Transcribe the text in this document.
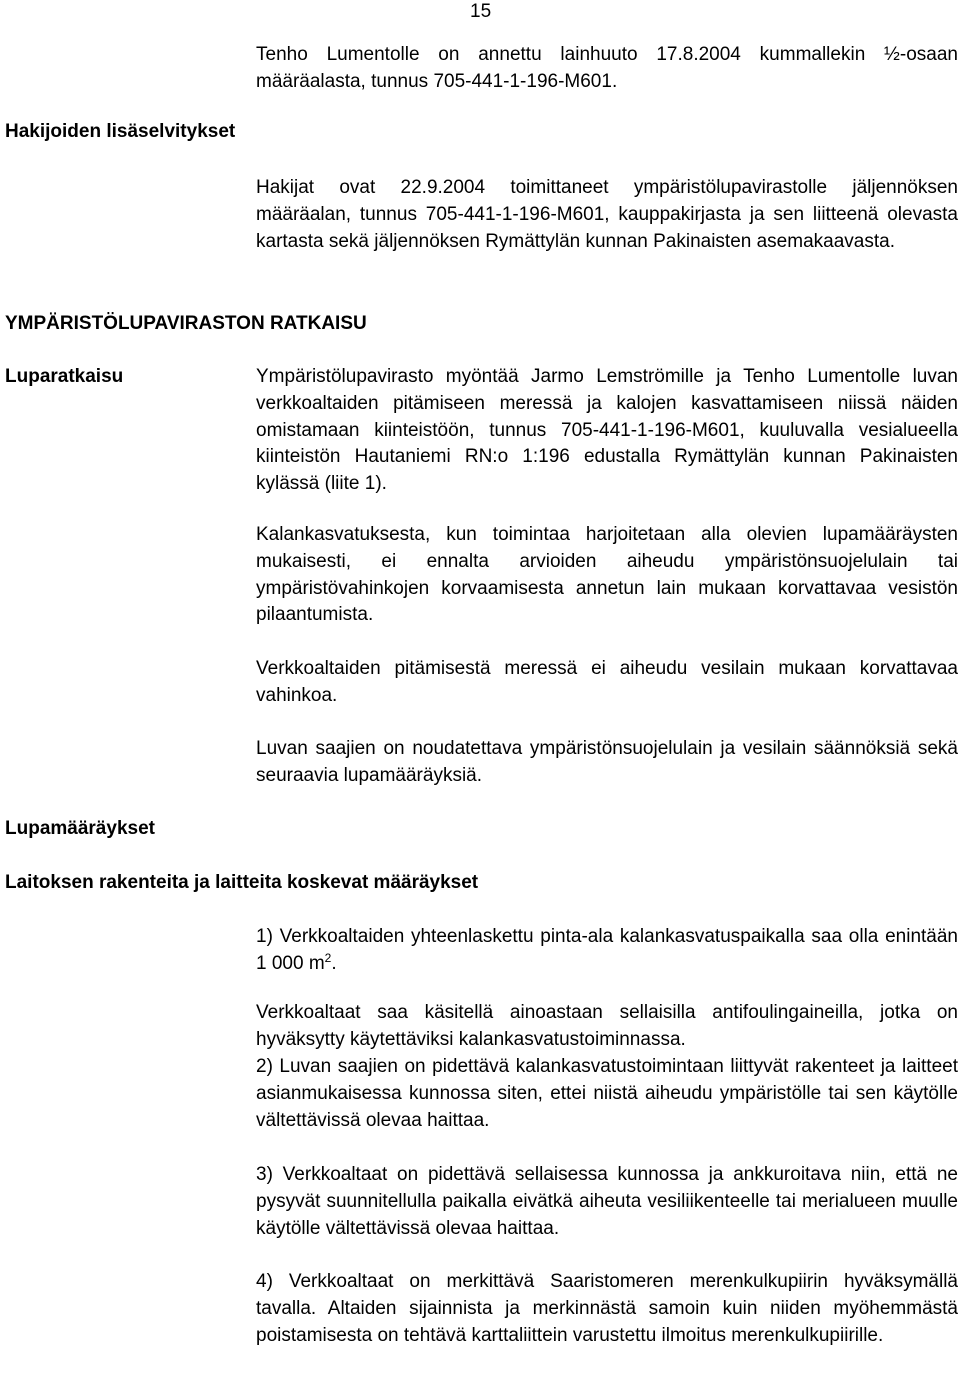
15

Tenho Lumentolle on annettu lainhuuto 17.8.2004 kummallekin ½-osaan määräalasta, tunnus 705-441-1-196-M601.

Hakijoiden lisäselvitykset

Hakijat ovat 22.9.2004 toimittaneet ympäristölupavirastolle jäljennöksen määräalan, tunnus 705-441-1-196-M601, kauppakirjasta ja sen liitteenä olevasta kartasta sekä jäljennöksen Rymättylän kunnan Pakinaisten asemakaavasta.

YMPÄRISTÖLUPAVIRASTON RATKAISU
Luparatkaisu	Ympäristölupavirasto myöntää Jarmo Lemströmille ja Tenho Lumentolle luvan verkkoaltaiden pitämiseen meressä ja kalojen kasvattamiseen niissä näiden omistamaan kiinteistöön, tunnus 705-441-1-196-M601, kuuluvalla vesialueella kiinteistön Hautaniemi RN:o 1:196 edustalla Rymättylän kunnan Pakinaisten kylässä (liite 1).

Kalankasvatuksesta, kun toimintaa harjoitetaan alla olevien lupamääräysten mukaisesti, ei ennalta arvioiden aiheudu ympäristönsuojelulain tai ympäristövahinkojen korvaamisesta annetun lain mukaan korvattavaa vesistön pilaantumista.

Verkkoaltaiden pitämisestä meressä ei aiheudu vesilain mukaan korvattavaa vahinkoa.

Luvan saajien on noudatettava ympäristönsuojelulain ja vesilain säännöksiä sekä seuraavia lupamääräyksiä.

Lupamääräykset
Laitoksen rakenteita ja laitteita koskevat määräykset

1) Verkkoaltaiden yhteenlaskettu pinta-ala kalankasvatuspaikalla saa olla enintään 1 000 $m^2$.

Verkkoaltaat saa käsitellä ainoastaan sellaisilla antifoulingaineilla, jotka on hyväksytty käytettäviksi kalankasvatustoiminnassa.

2) Luvan saajien on pidettävä kalankasvatustoimintaan liittyvät rakenteet ja laitteet asianmukaisessa kunnossa siten, ettei niistä aiheudu ympäristölle tai sen käytölle vältettävissä olevaa haittaa.

3) Verkkoaltaat on pidettävä sellaisessa kunnossa ja ankkuroitava niin, että ne pysyvät suunnitellulla paikalla eivätkä aiheuta vesiliikenteelle tai merialueen muulle käytölle vältettävissä olevaa haittaa.

4) Verkkoaltaat on merkittävä Saaristomeren merenkulkupiirin hyväksymällä tavalla. Altaiden sijainnista ja merkinnästä samoin kuin niiden myöhemmästä poistamisesta on tehtävä karttaliittein varustettu ilmoitus merenkulkupiirille.
